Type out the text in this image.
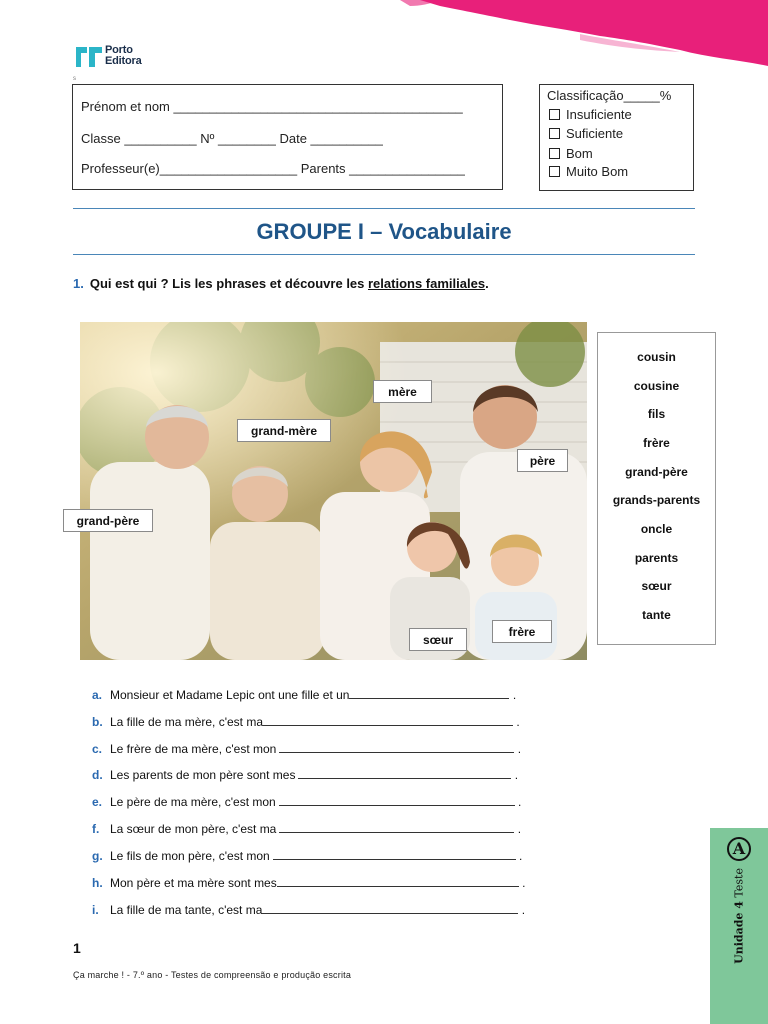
Porto
Editora
s
Prénom et nom ________________________________________
Classe __________ Nº ________ Date __________
Professeur(e)___________________ Parents ________________
Classificação_____%
Insuficiente
Suficiente
Bom
Muito Bom
GROUPE I – Vocabulaire
1. Qui est qui ? Lis les phrases et découvre les relations familiales.
mère
grand-mère
père
sœur
frère
grand-père
cousin
cousine
fils
frère
grand-père
grands-parents
oncle
parents
sœur
tante
a. Monsieur et Madame Lepic ont une fille et un	.
b. La fille de ma mère, c'est ma	.
c. Le frère de ma mère, c'est mon	.
d. Les parents de mon père sont mes	.
e. Le père de ma mère, c'est mon	.
f. La sœur de mon père, c'est ma	.
g. Le fils de mon père, c'est mon	.
h. Mon père et ma mère sont mes	.
i. La fille de ma tante, c'est ma	.
1
Ça marche ! - 7.º ano - Testes de compreensão e produção escrita
A
Unidade 4 Teste
